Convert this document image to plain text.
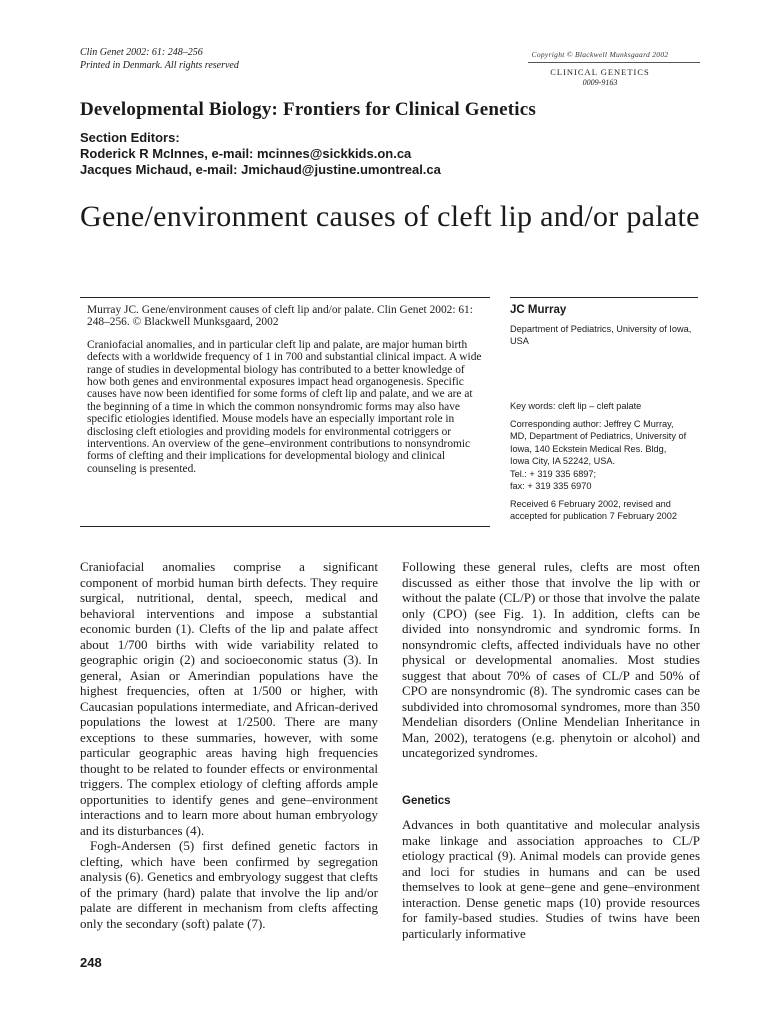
Clin Genet 2002: 61: 248–256
Printed in Denmark. All rights reserved
Copyright © Blackwell Munksgaard 2002
CLINICAL GENETICS
0009-9163
Developmental Biology: Frontiers for Clinical Genetics
Section Editors:
Roderick R McInnes, e-mail: mcinnes@sickkids.on.ca
Jacques Michaud, e-mail: Jmichaud@justine.umontreal.ca
Gene/environment causes of cleft lip and/or palate

Murray JC. Gene/environment causes of cleft lip and/or palate. Clin Genet 2002: 61: 248–256. © Blackwell Munksgaard, 2002

Craniofacial anomalies, and in particular cleft lip and palate, are major human birth defects with a worldwide frequency of 1 in 700 and substantial clinical impact. A wide range of studies in developmental biology has contributed to a better knowledge of how both genes and environmental exposures impact head organogenesis. Specific causes have now been identified for some forms of cleft lip and palate, and we are at the beginning of a time in which the common nonsyndromic forms may also have specific etiologies identified. Mouse models have an especially important role in disclosing cleft etiologies and providing models for environmental cotriggers or interventions. An overview of the gene–environment contributions to nonsyndromic forms of clefting and their implications for developmental biology and clinical counseling is presented.

JC Murray
Department of Pediatrics, University of Iowa, USA
Key words: cleft lip – cleft palate
Corresponding author: Jeffrey C Murray,
MD, Department of Pediatrics, University of
Iowa, 140 Eckstein Medical Res. Bldg,
Iowa City, IA 52242, USA.
Tel.: + 319 335 6897;
fax: + 319 335 6970
Received 6 February 2002, revised and
accepted for publication 7 February 2002

Craniofacial anomalies comprise a significant component of morbid human birth defects. They require surgical, nutritional, dental, speech, medical and behavioral interventions and impose a substantial economic burden (1). Clefts of the lip and palate affect about 1/700 births with wide variability related to geographic origin (2) and socioeconomic status (3). In general, Asian or Amerindian populations have the highest frequencies, often at 1/500 or higher, with Caucasian populations intermediate, and African-derived populations the lowest at 1/2500. There are many exceptions to these summaries, however, with some particular geographic areas having high frequencies thought to be related to founder effects or environmental triggers. The complex etiology of clefting affords ample opportunities to identify genes and gene–environment interactions and to learn more about human embryology and its disturbances (4).

Fogh-Andersen (5) first defined genetic factors in clefting, which have been confirmed by segregation analysis (6). Genetics and embryology suggest that clefts of the primary (hard) palate that involve the lip and/or palate are different in mechanism from clefts affecting only the secondary (soft) palate (7).

Following these general rules, clefts are most often discussed as either those that involve the lip with or without the palate (CL/P) or those that involve the palate only (CPO) (see Fig. 1). In addition, clefts can be divided into nonsyndromic and syndromic forms. In nonsyndromic clefts, affected individuals have no other physical or developmental anomalies. Most studies suggest that about 70% of cases of CL/P and 50% of CPO are nonsyndromic (8). The syndromic cases can be subdivided into chromosomal syndromes, more than 350 Mendelian disorders (Online Mendelian Inheritance in Man, 2002), teratogens (e.g. phenytoin or alcohol) and uncategorized syndromes.

Genetics

Advances in both quantitative and molecular analysis make linkage and association approaches to CL/P etiology practical (9). Animal models can provide genes and loci for studies in humans and can be used themselves to look at gene–gene and gene–environment interaction. Dense genetic maps (10) provide resources for family-based studies. Studies of twins have been particularly informative

248
